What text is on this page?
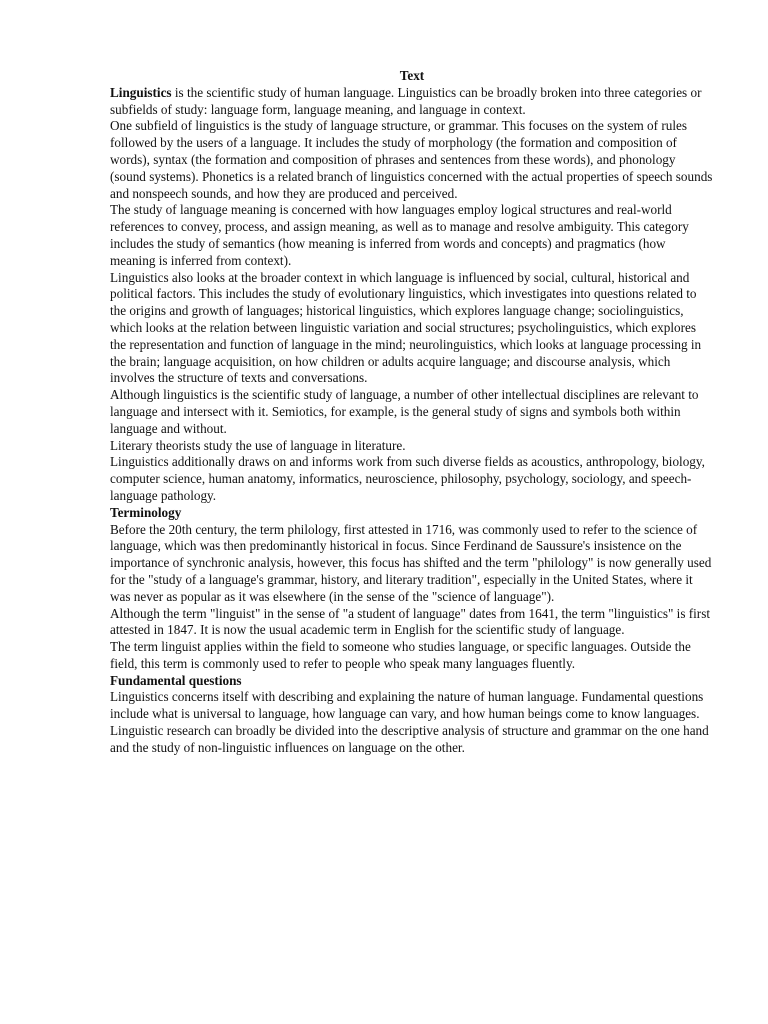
Text

Linguistics is the scientific study of human language. Linguistics can be broadly broken into three categories or subfields of study: language form, language meaning, and language in context.

One subfield of linguistics is the study of language structure, or grammar. This focuses on the system of rules followed by the users of a language. It includes the study of morphology (the formation and composition of words), syntax (the formation and composition of phrases and sentences from these words), and phonology (sound systems). Phonetics is a related branch of linguistics concerned with the actual properties of speech sounds and nonspeech sounds, and how they are produced and perceived.

The study of language meaning is concerned with how languages employ logical structures and real-world references to convey, process, and assign meaning, as well as to manage and resolve ambiguity. This category includes the study of semantics (how meaning is inferred from words and concepts) and pragmatics (how meaning is inferred from context).

Linguistics also looks at the broader context in which language is influenced by social, cultural, historical and political factors. This includes the study of evolutionary linguistics, which investigates into questions related to the origins and growth of languages; historical linguistics, which explores language change; sociolinguistics, which looks at the relation between linguistic variation and social structures; psycholinguistics, which explores the representation and function of language in the mind; neurolinguistics, which looks at language processing in the brain; language acquisition, on how children or adults acquire language; and discourse analysis, which involves the structure of texts and conversations.

Although linguistics is the scientific study of language, a number of other intellectual disciplines are relevant to language and intersect with it. Semiotics, for example, is the general study of signs and symbols both within language and without.

Literary theorists study the use of language in literature.

Linguistics additionally draws on and informs work from such diverse fields as acoustics, anthropology, biology, computer science, human anatomy, informatics, neuroscience, philosophy, psychology, sociology, and speech-language pathology.

Terminology

Before the 20th century, the term philology, first attested in 1716, was commonly used to refer to the science of language, which was then predominantly historical in focus. Since Ferdinand de Saussure's insistence on the importance of synchronic analysis, however, this focus has shifted and the term "philology" is now generally used for the "study of a language's grammar, history, and literary tradition", especially in the United States, where it was never as popular as it was elsewhere (in the sense of the "science of language").

Although the term "linguist" in the sense of "a student of language" dates from 1641, the term "linguistics" is first attested in 1847. It is now the usual academic term in English for the scientific study of language.

The term linguist applies within the field to someone who studies language, or specific languages. Outside the field, this term is commonly used to refer to people who speak many languages fluently.

Fundamental questions

Linguistics concerns itself with describing and explaining the nature of human language. Fundamental questions include what is universal to language, how language can vary, and how human beings come to know languages. Linguistic research can broadly be divided into the descriptive analysis of structure and grammar on the one hand and the study of non-linguistic influences on language on the other.
